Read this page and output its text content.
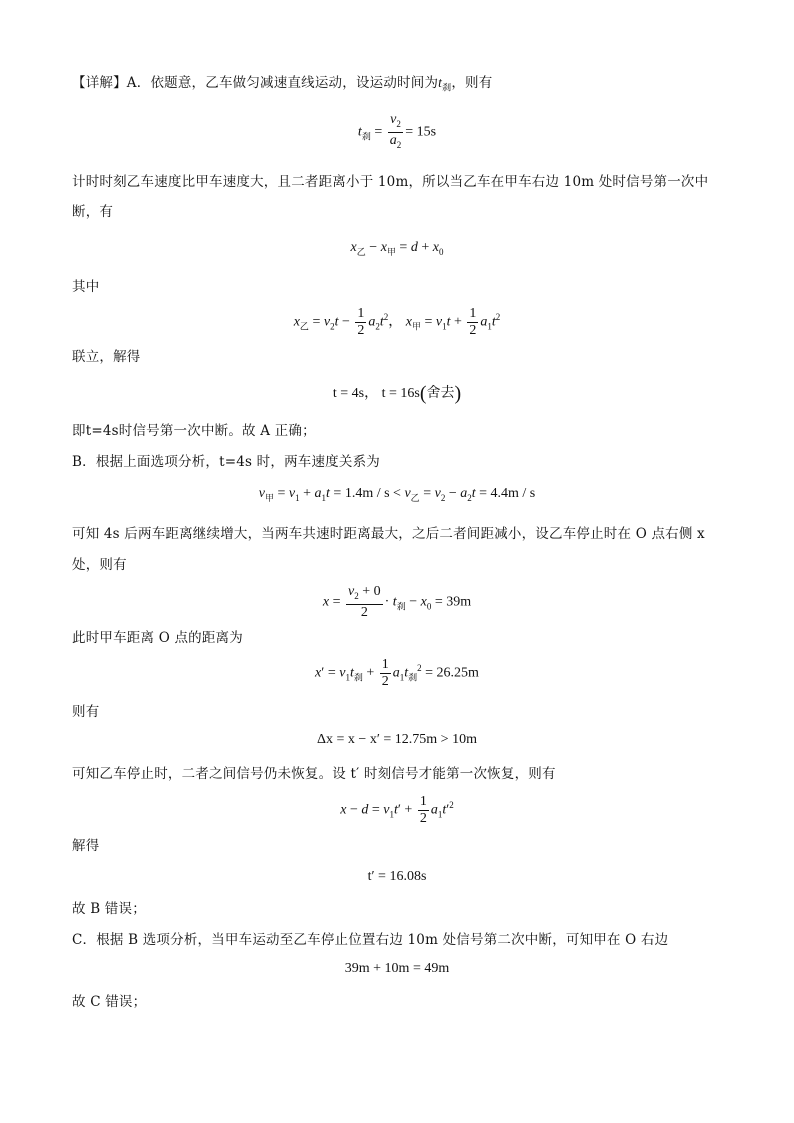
【详解】A．依题意，乙车做匀减速直线运动，设运动时间为$t_刹$，则有
$t_刹 = \frac{v_2}{a_2} = 15s$
计时时刻乙车速度比甲车速度大，且二者距离小于 10m，所以当乙车在甲车右边 10m 处时信号第一次中
断，有
$x_乙 - x_甲 = d + x_0$
其中
$x_乙 = v_2t - \frac{1}{2} a_2t^2$， $x_甲 = v_1t + \frac{1}{2} a_1t^2$
联立，解得
t = 4s， t = 16s(舍去)
即t=4s时信号第一次中断。故 A 正确；
B．根据上面选项分析，t=4s 时，两车速度关系为
$v_甲 = v_1 + a_1t = 1.4m / s < v_乙 = v_2 - a_2t = 4.4m / s$
可知 4s 后两车距离继续增大，当两车共速时距离最大，之后二者间距减小，设乙车停止时在 O 点右侧 x
处，则有
$x = \frac{v_2 + 0}{2} \cdot t_刹 - x_0 = 39m$
此时甲车距离 O 点的距离为
$x' = v_1t_刹 + \frac{1}{2} a_1t_刹^2 = 26.25m$
则有
Δx = x − x′ = 12.75m > 10m
可知乙车停止时，二者之间信号仍未恢复。设 t′ 时刻信号才能第一次恢复，则有
$x - d = v_1t' + \frac{1}{2} a_1t'^2$
解得
t′ = 16.08s
故 B 错误；
C．根据 B 选项分析，当甲车运动至乙车停止位置右边 10m 处信号第二次中断，可知甲在 O 右边
39m + 10m = 49m
故 C 错误；
